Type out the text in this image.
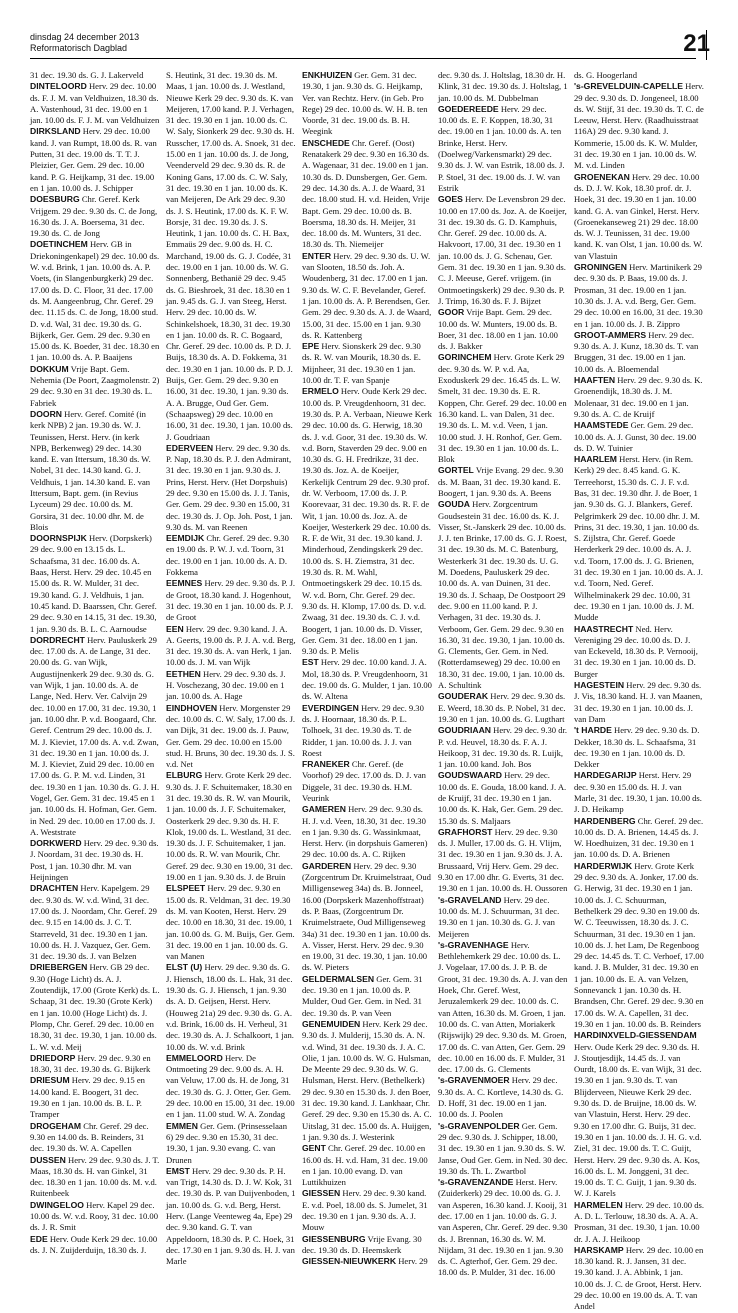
dinsdag 24 december 2013
Reformatorisch Dagblad	21

31 dec. 19.30 ds. G. J. Lakerveld

DINTELOORD Herv. 29 dec. 10.00 ds. F. J. M. van Veldhuizen, 18.30 ds. A. Vastenhoud, 31 dec. 19.00 en 1 jan. 10.00 ds. F. J. M. van Veldhuizen

DIRKSLAND Herv. 29 dec. 10.00 kand. J. van Rumpt, 18.00 ds. R. van Putten, 31 dec. 19.00 ds. T. T. J. Pleizier, Ger. Gem. 29 dec. 10.00 kand. P. G. Heijkamp, 31 dec. 19.00 en 1 jan. 10.00 ds. J. Schipper

DOESBURG Chr. Geref. Kerk Vrijgem. 29 dec. 9.30 ds. C. de Jong, 16.30 ds. J. A. Boersema, 31 dec. 19.30 ds. C. de Jong

DOETINCHEM Herv. GB in Driekoningenkapel) 29 dec. 10.00 ds. W. v.d. Brink, 1 jan. 10.00 ds. A. P. Voets, (in Slangenburgkerk) 29 dec. 17.00 ds. D. C. Floor, 31 dec. 17.00 ds. M. Aangeenbrug, Chr. Geref. 29 dec. 11.15 ds. C. de Jong, 18.00 stud. D. v.d. Wal, 31 dec. 19.30 ds. G. Bijkerk, Ger. Gem. 29 dec. 9.30 en 15.00 ds. K. Boeder, 31 dec. 18.30 en 1 jan. 10.00 ds. A. P. Baaijens

DOKKUM Vrije Bapt. Gem. Nehemia (De Poort, Zaagmolenstr. 2) 29 dec. 9.30 en 31 dec. 19.30 ds. L. Fabriek

DOORN Herv. Geref. Comité (in kerk NPB) 2 jan. 19.30 ds. W. J. Teunissen, Herst. Herv. (in kerk NPB, Berkenweg) 29 dec. 14.30 kand. E. van Ittersum, 18.30 ds. W. Nobel, 31 dec. 14.30 kand. G. J. Veldhuis, 1 jan. 14.30 kand. E. van Ittersum, Bapt. gem. (in Revius Lyceum) 29 dec. 10.00 ds. M. Gorsira, 31 dec. 10.00 dhr. M. de Blois

DOORNSPIJK Herv. (Dorpskerk) 29 dec. 9.00 en 13.15 ds. L. Schaafsma, 31 dec. 16.00 ds. A. Baas, Herst. Herv. 29 dec. 10.45 en 15.00 ds. R. W. Mulder, 31 dec. 19.30 kand. G. J. Veldhuis, 1 jan. 10.45 kand. D. Baarssen, Chr. Geref. 29 dec. 9.30 en 14.15, 31 dec. 19.30, 1 jan. 9.30 ds. B. L. C. Aarnoudse

DORDRECHT Herv. Pauluskerk 29 dec. 17.00 ds. A. de Lange, 31 dec. 20.00 ds. G. van Wijk, Augustijnenkerk 29 dec. 9.30 ds. G. van Wijk, 1 jan. 10.00 ds. A. de Lange, Ned. Herv. Ver. Calvijn 29 dec. 10.00 en 17.00, 31 dec. 19.30, 1 jan. 10.00 dhr. P. v.d. Boogaard, Chr. Geref. Centrum 29 dec. 10.00 ds. J. M. J. Kieviet, 17.00 ds. A. v.d. Zwan, 31 dec. 19.30 en 1 jan. 10.00 ds. J. M. J. Kieviet, Zuid 29 dec. 10.00 en 17.00 ds. G. P. M. v.d. Linden, 31 dec. 19.30 en 1 jan. 10.30 ds. G. J. H. Vogel, Ger. Gem. 31 dec. 19.45 en 1 jan. 10.00 ds. H. Hofman, Ger. Gem. in Ned. 29 dec. 10.00 en 17.00 ds. J. A. Weststrate

DORKWERD Herv. 29 dec. 9.30 ds. J. Noordam, 31 dec. 19.30 ds. H. Post, 1 jan. 10.30 dhr. M. van Heijningen

DRACHTEN Herv. Kapelgem. 29 dec. 9.30 ds. W. v.d. Wind, 31 dec. 17.00 ds. J. Noordam, Chr. Geref. 29 dec. 9.15 en 14.00 ds. J. C. T. Starreveld, 31 dec. 19.30 en 1 jan. 10.00 ds. H. J. Vazquez, Ger. Gem. 31 dec. 19.30 ds. J. van Belzen

DRIEBERGEN Herv. GB 29 dec. 9.30 (Hoge Licht) ds. A. J. Zoutendijk, 17.00 (Grote Kerk) ds. L. Schaap, 31 dec. 19.30 (Grote Kerk) en 1 jan. 10.00 (Hoge Licht) ds. J. Plomp, Chr. Geref. 29 dec. 10.00 en 18.30, 31 dec. 19.30, 1 jan. 10.00 ds. L. W. v.d. Meij

DRIEDORP Herv. 29 dec. 9.30 en 18.30, 31 dec. 19.30 ds. G. Bijkerk

DRIESUM Herv. 29 dec. 9.15 en 14.00 kand. E. Boogert, 31 dec. 19.30 en 1 jan. 10.00 ds. B. L. P. Tramper

DROGEHAM Chr. Geref. 29 dec. 9.30 en 14.00 ds. B. Reinders, 31 dec. 19.30 ds. W. A. Capellen

DUSSEN Herv. 29 dec. 9.30 ds. J. T. Maas, 18.30 ds. H. van Ginkel, 31 dec. 18.30 en 1 jan. 10.00 ds. M. v.d. Ruitenbeek

DWINGELOO Herv. Kapel 29 dec. 10.00 ds. W. v.d. Rooy, 31 dec. 10.00 ds. J. R. Smit

EDE Herv. Oude Kerk 29 dec. 10.00 ds. J. N. Zuijderduijn, 18.30 ds. J.

S. Heutink, 31 dec. 19.30 ds. M. Maas, 1 jan. 10.00 ds. J. Westland, Nieuwe Kerk 29 dec. 9.30 ds. K. van Meijeren, 17.00 kand. P. J. Verhagen, 31 dec. 19.30 en 1 jan. 10.00 ds. C. W. Saly, Sionkerk 29 dec. 9.30 ds. H. Russcher, 17.00 ds. A. Snoek, 31 dec. 15.00 en 1 jan. 10.00 ds. J. de Jong, Veenderveld 29 dec. 9.30 ds. R. de Koning Gans, 17.00 ds. C. W. Saly, 31 dec. 19.30 en 1 jan. 10.00 ds. K. van Meijeren, De Ark 29 dec. 9.30 ds. J. S. Heutink, 17.00 ds. K. F. W. Borsje, 31 dec. 19.30 ds. J. S. Heutink, 1 jan. 10.00 ds. C. H. Bax, Emmaüs 29 dec. 9.00 ds. H. C. Marchand, 19.00 ds. G. J. Codée, 31 dec. 19.00 en 1 jan. 10.00 ds. W. G. Sonnenberg, Bethanië 29 dec. 9.45 ds. G. Bieshroek, 31 dec. 18.30 en 1 jan. 9.45 ds. G. J. van Steeg, Herst. Herv. 29 dec. 10.00 ds. W. Schinkelshoek, 18.30, 31 dec. 19.30 en 1 jan. 10.00 ds. R. C. Bogaard, Chr. Geref. 29 dec. 10.00 ds. P. D. J. Buijs, 18.30 ds. A. D. Fokkema, 31 dec. 19.30 en 1 jan. 10.00 ds. P. D. J. Buijs, Ger. Gem. 29 dec. 9.30 en 16.00, 31 dec. 19.30, 1 jan. 9.30 ds. A. A. Brugge, Oud Ger. Gem. (Schaapsweg) 29 dec. 10.00 en 16.00, 31 dec. 19.30, 1 jan. 10.00 ds. J. Goudriaan

EDERVEEN Herv. 29 dec. 9.30 ds. P. Nap, 18.30 ds. P. J. den Admirant, 31 dec. 19.30 en 1 jan. 9.30 ds. J. Prins, Herst. Herv. (Het Dorpshuis) 29 dec. 9.30 en 15.00 ds. J. J. Tanis, Ger. Gem. 29 dec. 9.30 en 15.00, 31 dec. 19.30 ds. J. Op. Joh. Post, 1 jan. 9.30 ds. M. van Reenen

EEMDIJK Chr. Geref. 29 dec. 9.30 en 19.00 ds. P. W. J. v.d. Toorn, 31 dec. 19.00 en 1 jan. 10.00 ds. A. D. Fokkema

EEMNES Herv. 29 dec. 9.30 ds. P. J. de Groot, 18.30 kand. J. Hogenhout, 31 dec. 19.30 en 1 jan. 10.00 ds. P. J. de Groot

EEN Herv. 29 dec. 9.30 kand. J. A. A. Geerts, 19.00 ds. P. J. A. v.d. Berg, 31 dec. 19.30 ds. A. van Herk, 1 jan. 10.00 ds. J. M. van Wijk

EETHEN Herv. 29 dec. 9.30 ds. J. H. Voschezang, 30 dec. 19.00 en 1 jan. 10.00 ds. A. Hage

EINDHOVEN Herv. Morgenster 29 dec. 10.00 ds. C. W. Saly, 17.00 ds. J. van Dijk, 31 dec. 19.00 ds. J. Pauw, Ger. Gem. 29 dec. 10.00 en 15.00 stud. H. Bruns, 30 dec. 19.30 ds. J. S. v.d. Net

ELBURG Herv. Grote Kerk 29 dec. 9.30 ds. J. F. Schuitemaker, 18.30 en 31 dec. 19.30 ds. R. W. van Mourik, 1 jan. 10.00 ds. J. F. Schuitemaker, Oosterkerk 29 dec. 9.30 ds. H. F. Klok, 19.00 ds. L. Westland, 31 dec. 19.30 ds. J. F. Schuitemaker, 1 jan. 10.00 ds. R. W. van Mourik, Chr. Geref. 29 dec. 9.30 en 19.00, 31 dec. 19.00 en 1 jan. 9.30 ds. J. de Bruin

ELSPEET Herv. 29 dec. 9.30 en 15.00 ds. R. Veldman, 31 dec. 19.30 ds. M. van Kooten, Herst. Herv. 29 dec. 10.00 en 18.30, 31 dec. 19.00, 1 jan. 10.00 ds. G. M. Buijs, Ger. Gem. 31 dec. 19.00 en 1 jan. 10.00 ds. G. van Manen

ELST (U) Herv. 29 dec. 9.30 ds. G. J. Hiensch, 18.00 ds. L. Hak, 31 dec. 19.30 ds. G. J. Hiensch, 1 jan. 9.30 ds. A. D. Geijsen, Herst. Herv. (Houweg 21a) 29 dec. 9.30 ds. G. A. v.d. Brink, 16.00 ds. H. Verheul, 31 dec. 19.30 ds. A. J. Schalkoort, 1 jan. 10.00 ds. W. v.d. Brink

EMMELOORD Herv. De Ontmoeting 29 dec. 9.00 ds. A. H. van Veluw, 17.00 ds. H. de Jong, 31 dec. 19.30 ds. G. J. Otter, Ger. Gem. 29 dec. 10.00 en 15.00, 31 dec. 19.00 en 1 jan. 11.00 stud. W. A. Zondag

EMMEN Ger. Gem. (Prinsesselaan 6) 29 dec. 9.30 en 15.30, 31 dec. 19.30, 1 jan. 9.30 evang. C. van Drunen

EMST Herv. 29 dec. 9.30 ds. P. H. van Trigt, 14.30 ds. D. J. W. Kok, 31 dec. 19.30 ds. P. van Duijvenboden, 1 jan. 10.00 ds. G. v.d. Berg, Herst. Herv. (Lange Veenteweg 4a, Epe) 29 dec. 9.30 kand. G. T. van Appeldoorn, 18.30 ds. P. C. Hoek, 31 dec. 17.30 en 1 jan. 9.30 ds. H. J. van Marle

ENKHUIZEN Ger. Gem. 31 dec. 19.30, 1 jan. 9.30 ds. G. Heijkamp, Ver. van Rechtz. Herv. (in Geb. Pro Rege) 29 dec. 10.00 ds. W. H. B. ten Voorde, 31 dec. 19.00 ds. B. H. Weegink

ENSCHEDE Chr. Geref. (Oost) Renatakerk 29 dec. 9.30 en 16.30 ds. A. Wagenaar, 31 dec. 19.00 en 1 jan. 10.30 ds. D. Dunsbergen, Ger. Gem. 29 dec. 14.30 ds. A. J. de Waard, 31 dec. 18.00 stud. H. v.d. Heiden, Vrije Bapt. Gem. 29 dec. 10.00 ds. B. Boersma, 18.30 ds. H. Meijer, 31 dec. 18.00 ds. M. Wunters, 31 dec. 18.30 ds. Th. Niemeijer

ENTER Herv. 29 dec. 9.30 ds. U. W. van Slooten, 18.50 ds. Joh. A. Woudenberg, 31 dec. 17.00 en 1 jan. 9.30 ds. W. C. F. Bevelander, Geref. 1 jan. 10.00 ds. A. P. Berendsen, Ger. Gem. 29 dec. 9.30 ds. A. J. de Waard, 15.00, 31 dec. 15.00 en 1 jan. 9.30 ds. R. Kattenberg

EPE Herv. Sionskerk 29 dec. 9.30 ds. R. W. van Mourik, 18.30 ds. E. Mijnheer, 31 dec. 19.30 en 1 jan. 10.00 dr. T. F. van Spanje

ERMELO Herv. Oude Kerk 29 dec. 10.00 ds. P. Vreugdenhoorn, 31 dec. 19.30 ds. P. A. Verbaan, Nieuwe Kerk 29 dec. 10.00 ds. G. Herwig, 18.30 ds. J. v.d. Goor, 31 dec. 19.30 ds. W. v.d. Born, Staverden 29 dec. 9.00 en 10.30 ds. G. H. Fredrikze, 31 dec. 19.30 ds. Joz. A. de Koeijer, Kerkelijk Centrum 29 dec. 9.30 prof. dr. W. Verboom, 17.00 ds. J. P. Koorevaar, 31 dec. 19.30 ds. R. F. de Wit, 1 jan. 10.00 ds. Joz. A. de Koeijer, Westerkerk 29 dec. 10.00 ds. R. F. de Wit, 31 dec. 19.30 kand. J. Minderhoud, Zendingskerk 29 dec. 10.00 ds. S. H. Ziemstra, 31 dec. 19.30 ds. R. M. Wahl, Ontmoetingskerk 29 dec. 10.15 ds. W. v.d. Born, Chr. Geref. 29 dec. 9.30 ds. H. Klomp, 17.00 ds. D. v.d. Zwaag, 31 dec. 19.30 ds. C. J. v.d. Boogert, 1 jan. 10.00 ds. D. Visser, Ger. Gem. 31 dec. 18.00 en 1 jan. 9.30 ds. P. Melis

EST Herv. 29 dec. 10.00 kand. J. A. Mol, 18.30 ds. P. Vreugdenhoorn, 31 dec. 19.00 ds. G. Mulder, 1 jan. 10.00 ds. W. Altena

EVERDINGEN Herv. 29 dec. 9.30 ds. J. Hoornaar, 18.30 ds. P. L. Tolhoek, 31 dec. 19.30 ds. T. de Ridder, 1 jan. 10.00 ds. J. J. van Roest

FRANEKER Chr. Geref. (de Voorhof) 29 dec. 17.00 ds. D. J. van Diggele, 31 dec. 19.30 ds. H.M. Veurink

GAMEREN Herv. 29 dec. 9.30 ds. H. J. v.d. Veen, 18.30, 31 dec. 19.30 en 1 jan. 9.30 ds. G. Wassinkmaat, Herst. Herv. (in dorpshuis Gameren) 29 dec. 10.00 ds. A. C. Rijken

GARDEREN Herv. 29 dec. 9.30 (Zorgcentrum Dr. Kruimelstraat, Oud Milligenseweg 34a) ds. B. Jonneel, 16.00 (Dorpskerk Mazenhoffstraat) ds. P. Baas, (Zorgcentrum Dr. Kruimelstraete, Oud Milligenseweg 34a) 31 dec. 19.30 en 1 jan. 10.00 ds. A. Visser, Herst. Herv. 29 dec. 9.30 en 19.00, 31 dec. 19.30, 1 jan. 10.00 ds. W. Pieters

GELDERMALSEN Ger. Gem. 31 dec. 19.30 en 1 jan. 10.00 ds. P. Mulder, Oud Ger. Gem. in Ned. 31 dec. 19.30 ds. P. van Veen

GENEMUIDEN Herv. Kerk 29 dec. 9.30 ds. J. Mulderij, 15.30 ds. A. N. v.d. Wind, 31 dec. 19.30 ds. J. A. C. Olie, 1 jan. 10.00 ds. W. G. Hulsman, De Meente 29 dec. 9.30 ds. W. G. Hulsman, Herst. Herv. (Bethelkerk) 29 dec. 9.30 en 15.30 ds. J. den Boer, 31 dec. 19.30 kand. J. Lankhaar, Chr. Geref. 29 dec. 9.30 en 15.30 ds. A. C. Uitslag, 31 dec. 15.00 ds. A. Huijgen, 1 jan. 9.30 ds. J. Westerink

GENT Chr. Geref. 29 dec. 10.00 en 16.00 ds. H. v.d. Ham, 31 dec. 19.00 en 1 jan. 10.00 evang. D. van Luttikhuizen

GIESSEN Herv. 29 dec. 9.30 kand. E. v.d. Poel, 18.00 ds. S. Jumelet, 31 dec. 19.30 en 1 jan. 9.30 ds. A. J. Mouw

GIESSENBURG Vrije Evang. 30 dec. 19.30 ds. D. Heemskerk

GIESSEN-NIEUWKERK Herv. 29

dec. 9.30 ds. J. Holtslag, 18.30 dr. H. Klink, 31 dec. 19.30 ds. J. Holtslag, 1 jan. 10.00 ds. M. Dubbelman

GOEDEREEDE Herv. 29 dec. 10.00 ds. E. F. Koppen, 18.30, 31 dec. 19.00 en 1 jan. 10.00 ds. A. ten Brinke, Herst. Herv. (Doelweg/Varkensmarkt) 29 dec. 9.30 ds. J. W. van Estrik, 18.00 ds. J. P. Stoel, 31 dec. 19.00 ds. J. W. van Estrik

GOES Herv. De Levensbron 29 dec. 10.00 en 17.00 ds. Joz. A. de Koeijer, 31 dec. 19.30 ds. G. D. Kamphuis, Chr. Geref. 29 dec. 10.00 ds. A. Hakvoort, 17.00, 31 dec. 19.30 en 1 jan. 10.00 ds. J. G. Schenau, Ger. Gem. 31 dec. 19.30 en 1 jan. 9.30 ds. C. J. Meeuse, Geref. vrijgem. (in Ontmoetingskerk) 29 dec. 9.30 ds. P. J. Trimp, 16.30 ds. F. J. Bijzet

GOOR Vrije Bapt. Gem. 29 dec. 10.00 ds. W. Munters, 19.00 ds. B. Boer, 31 dec. 18.00 en 1 jan. 10.00 ds. J. Bakker

GORINCHEM Herv. Grote Kerk 29 dec. 9.30 ds. W. P. v.d. Aa, Exoduskerk 29 dec. 16.45 ds. L. W. Smelt, 31 dec. 19.30 ds. E. R. Koppen, Chr. Geref. 29 dec. 10.00 en 16.30 kand. L. van Dalen, 31 dec. 19.30 ds. L. M. v.d. Veen, 1 jan. 10.00 stud. J. H. Ronhof, Ger. Gem. 31 dec. 19.30 en 1 jan. 10.00 ds. L. Blok

GORTEL Vrije Evang. 29 dec. 9.30 ds. M. Baan, 31 dec. 19.30 kand. E. Boogert, 1 jan. 9.30 ds. A. Beens

GOUDA Herv. Zorgcentrum Goudsestein 31 dec. 16.00 ds. K. J. Visser, St.-Janskerk 29 dec. 10.00 ds. J. J. ten Brinke, 17.00 ds. G. J. Roest, 31 dec. 19.30 ds. M. C. Batenburg, Westerkerk 31 dec. 19.30 ds. U. G. M. Doedens, Pauluskerk 29 dec. 10.00 ds. A. van Duinen, 31 dec. 19.30 ds. J. Schaap, De Oostpoort 29 dec. 9.00 en 11.00 kand. P. J. Verhagen, 31 dec. 19.30 ds. J. Verboom, Ger. Gem. 29 dec. 9.30 en 16.30, 31 dec. 19.30, 1 jan. 10.00 ds. G. Clements, Ger. Gem. in Ned. (Rotterdamseweg) 29 dec. 10.00 en 18.30, 31 dec. 19.00, 1 jan. 10.00 ds. A. Schultink

GOUDERAK Herv. 29 dec. 9.30 ds. E. Weerd, 18.30 ds. P. Nobel, 31 dec. 19.30 en 1 jan. 10.00 ds. G. Lugthart

GOUDRIAAN Herv. 29 dec. 9.30 dr. P. v.d. Heuvel, 18.30 ds. F. A. J. Heikoop, 31 dec. 19.30 ds. R. Luijk, 1 jan. 10.00 kand. Joh. Bos

GOUDSWAARD Herv. 29 dec. 10.00 ds. E. Gouda, 18.00 kand. J. A. de Kruijf, 31 dec. 19.30 en 1 jan. 10.00 ds. K. Hak, Ger. Gem. 29 dec. 15.30 ds. S. Maljaars

GRAFHORST Herv. 29 dec. 9.30 ds. J. Muller, 17.00 ds. G. H. Vlijm, 31 dec. 19.30 en 1 jan. 9.30 ds. J. A. Brussaard, Vrij Herv. Gem. 29 dec. 9.30 en 17.00 dhr. G. Everts, 31 dec. 19.30 en 1 jan. 10.00 ds. H. Oussoren

's-GRAVELAND Herv. 29 dec. 10.00 ds. M. J. Schuurman, 31 dec. 19.30 en 1 jan. 10.30 ds. G. J. van Meijeren

's-GRAVENHAGE Herv. Bethlehemkerk 29 dec. 10.00 ds. L. J. Vogelaar, 17.00 ds. J. P. B. de Groot, 31 dec. 19.30 ds. A. J. van den Hoek, Chr. Geref. West, Jeruzalemkerk 29 dec. 10.00 ds. C. van Atten, 16.30 ds. M. Groen, 1 jan. 10.00 ds. C. van Atten, Moriakerk (Rijswijk) 29 dec. 9.30 ds. M. Groen, 17.00 ds. C. van Atten, Ger. Gem. 29 dec. 10.00 en 16.00 ds. F. Mulder, 31 dec. 17.00 ds. G. Clements

's-GRAVENMOER Herv. 29 dec. 9.30 ds. A. C. Kortleve, 14.30 ds. G. D. Hoff, 31 dec. 19.00 en 1 jan. 10.00 ds. J. Poolen

's-GRAVENPOLDER Ger. Gem. 29 dec. 9.30 ds. J. Schipper, 18.00, 31 dec. 19.30 en 1 jan. 9.30 ds. S. W. Janse, Oud Ger. Gem. in Ned. 30 dec. 19.30 ds. Th. L. Zwartbol

's-GRAVENZANDE Herst. Herv. (Zuiderkerk) 29 dec. 10.00 ds. G. J. van Asperen, 16.30 kand. J. Kooij, 31 dec. 17.00 en 1 jan. 10.00 ds. G. J. van Asperen, Chr. Geref. 29 dec. 9.30 ds. J. Brennan, 16.30 ds. W. M. Nijdam, 31 dec. 19.30 en 1 jan. 9.30 ds. C. Agterhof, Ger. Gem. 29 dec. 18.00 ds. P. Mulder, 31 dec. 16.00

ds. G. Hoogerland

's-GREVELDUIN-CAPELLE Herv. 29 dec. 9.30 ds. D. Jongeneel, 18.00 ds. W. Stijf, 31 dec. 19.30 ds. T. C. de Leeuw, Herst. Herv. (Raadhuisstraat 116A) 29 dec. 9.30 kand. J. Kommerie, 15.00 ds. K. W. Mulder, 31 dec. 19.30 en 1 jan. 10.00 ds. W. M. v.d. Linden

GROENEKAN Herv. 29 dec. 10.00 ds. D. J. W. Kok, 18.30 prof. dr. J. Hoek, 31 dec. 19.30 en 1 jan. 10.00 kand. G. A. van Ginkel, Herst. Herv. (Groenekanseweg 21) 29 dec. 18.00 ds. W. J. Teunissen, 31 dec. 19.00 kand. K. van Olst, 1 jan. 10.00 ds. W. van Vlastuin

GRONINGEN Herv. Martinikerk 29 dec. 9.30 ds. P. Baas, 19.00 ds. J. Prosman, 31 dec. 19.00 en 1 jan. 10.30 ds. J. A. v.d. Berg, Ger. Gem. 29 dec. 10.00 en 16.00, 31 dec. 19.30 en 1 jan. 10.00 ds. J. B. Zippro

GROOT-AMMERS Herv. 29 dec. 9.30 ds. A. J. Kunz, 18.30 ds. T. van Bruggen, 31 dec. 19.00 en 1 jan. 10.00 ds. A. Bloemendal

HAAFTEN Herv. 29 dec. 9.30 ds. K. Groenendijk, 18.30 ds. J. M. Molenaar, 31 dec. 19.00 en 1 jan. 9.30 ds. A. C. de Kruijf

HAAMSTEDE Ger. Gem. 29 dec. 10.00 ds. A. J. Gunst, 30 dec. 19.00 ds. D. W. Tuinier

HAARLEM Herst. Herv. (in Rem. Kerk) 29 dec. 8.45 kand. G. K. Terreehorst, 15.30 ds. C. J. F. v.d. Bas, 31 dec. 19.30 dhr. J. de Boer, 1 jan. 9.30 ds. G. J. Blankers, Geref. Pelgrimkerk 29 dec. 10.00 dhr. J. M. Prins, 31 dec. 19.30, 1 jan. 10.00 ds. S. Zijlstra, Chr. Geref. Goede Herderkerk 29 dec. 10.00 ds. A. J. v.d. Toorn, 17.00 ds. J. G. Brienen, 31 dec. 19.30 en 1 jan. 10.00 ds. A. J. v.d. Toorn, Ned. Geref. Wilhelminakerk 29 dec. 10.00, 31 dec. 19.30 en 1 jan. 10.00 ds. J. M. Mudde

HAASTRECHT Ned. Herv. Vereniging 29 dec. 10.00 ds. D. J. van Eckeveld, 18.30 ds. P. Vernooij, 31 dec. 19.30 en 1 jan. 10.00 ds. D. Burger

HAGESTEIN Herv. 29 dec. 9.30 ds. J. Vis, 18.30 kand. H. J. van Maanen, 31 dec. 19.30 en 1 jan. 10.00 ds. J. van Dam

't HARDE Herv. 29 dec. 9.30 ds. D. Dekker, 18.30 ds. L. Schaafsma, 31 dec. 19.30 en 1 jan. 10.00 ds. D. Dekker

HARDEGARIJP Herst. Herv. 29 dec. 9.30 en 15.00 ds. H. J. van Marle, 31 dec. 19.30, 1 jan. 10.00 ds. J. D. Heikamp

HARDENBERG Chr. Geref. 29 dec. 10.00 ds. D. A. Brienen, 14.45 ds. J. W. Hoedhuizen, 31 dec. 19.30 en 1 jan. 10.00 ds. D. A. Brienen

HARDERWIJK Herv. Grote Kerk 29 dec. 9.30 ds. A. Jonker, 17.00 ds. G. Herwig, 31 dec. 19.30 en 1 jan. 10.00 ds. J. C. Schuurman, Bethelkerk 29 dec. 9.30 en 19.00 ds. W. C. Teeuwissen, 18.30 ds. J. C. Schuurman, 31 dec. 19.30 en 1 jan. 10.00 ds. J. het Lam, De Regenboog 29 dec. 14.45 ds. T. C. Verhoef, 17.00 kand. J. B. Mulder, 31 dec. 19.30 en 1 jan. 10.00 ds. E. A. van Velzen, Sonnevanck 1 jan. 10.30 ds. H. Brandsen, Chr. Geref. 29 dec. 9.30 en 17.00 ds. W. A. Capellen, 31 dec. 19.30 en 1 jan. 10.00 ds. B. Reinders

HARDINXVELD-GIESSENDAM Herv. Oude Kerk 29 dec. 9.30 ds. H. J. Stoutjesdijk, 14.45 ds. J. van Ourdt, 18.00 ds. E. van Wijk, 31 dec. 19.30 en 1 jan. 9.30 ds. T. van Blijderveen, Nieuwe Kerk 29 dec. 9.30 ds. D. de Bruijne, 18.00 ds. W. van Vlastuin, Herst. Herv. 29 dec. 9.30 en 17.00 dhr. G. Buijs, 31 dec. 19.30 en 1 jan. 10.00 ds. J. H. G. v.d. Ziel, 31 dec. 19.00 ds. T. C. Guijt, Herst. Herv. 29 dec. 9.30 ds. A. Kos, 16.00 ds. L. M. Jonggeni, 31 dec. 19.00 ds. T. C. Guijt, 1 jan. 9.30 ds. W. J. Karels

HARMELEN Herv. 29 dec. 10.00 ds. A. D. L. Terlouw, 18.30 ds. A. A. A. Prosman, 31 dec. 19.30, 1 jan. 10.00 dr. J. A. J. Heikoop

HARSKAMP Herv. 29 dec. 10.00 en 18.30 kand. R. J. Jansen, 31 dec. 19.30 kand. J. A. Abbink, 1 jan. 10.00 ds. J. C. de Groot, Herst. Herv. 29 dec. 10.00 en 19.00 ds. A. T. van Andel
